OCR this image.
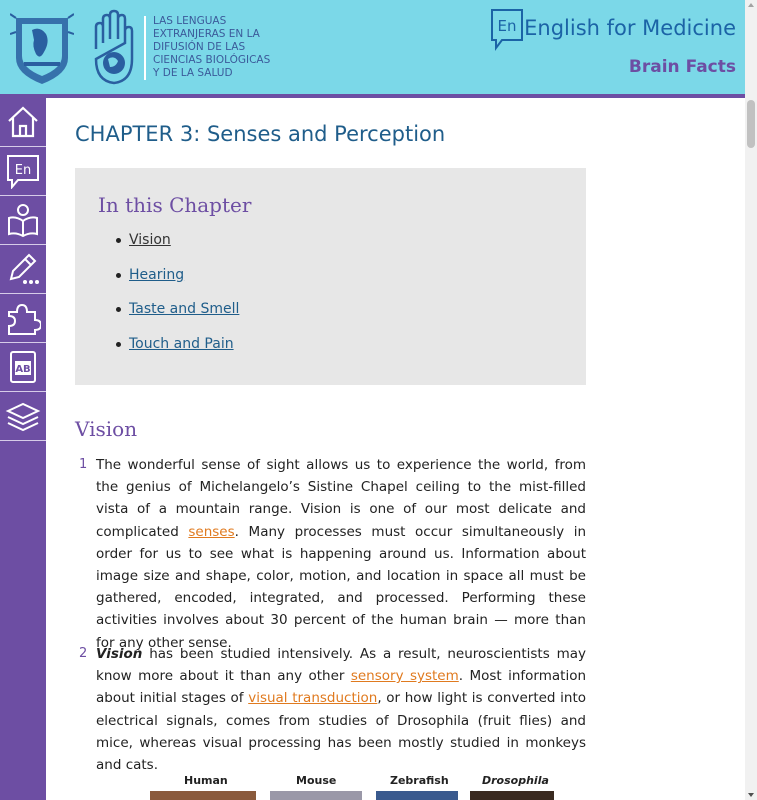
LAS LENGUAS
EXTRANJERAS EN LA
DIFUSIÓN DE LAS
CIENCIAS BIOLÓGICAS
Y DE LA SALUD
En English for Medicine
Brain Facts
En
AB
CHAPTER 3: Senses and Perception
In this Chapter
Vision
Hearing
Taste and Smell
Touch and Pain
Vision
1 The wonderful sense of sight allows us to experience the world, from the genius of Michelangelo’s Sistine Chapel ceiling to the mist-filled vista of a mountain range. Vision is one of our most delicate and complicated senses. Many processes must occur simultaneously in order for us to see what is happening around us. Information about image size and shape, color, motion, and location in space all must be gathered, encoded, integrated, and processed. Performing these activities involves about 30 percent of the human brain — more than for any other sense.
2 Vision has been studied intensively. As a result, neuroscientists may know more about it than any other sensory system. Most information about initial stages of visual transduction, or how light is converted into electrical signals, comes from studies of Drosophila (fruit flies) and mice, whereas visual processing has been mostly studied in monkeys and cats.
Human	Mouse	Zebrafish	Drosophila
